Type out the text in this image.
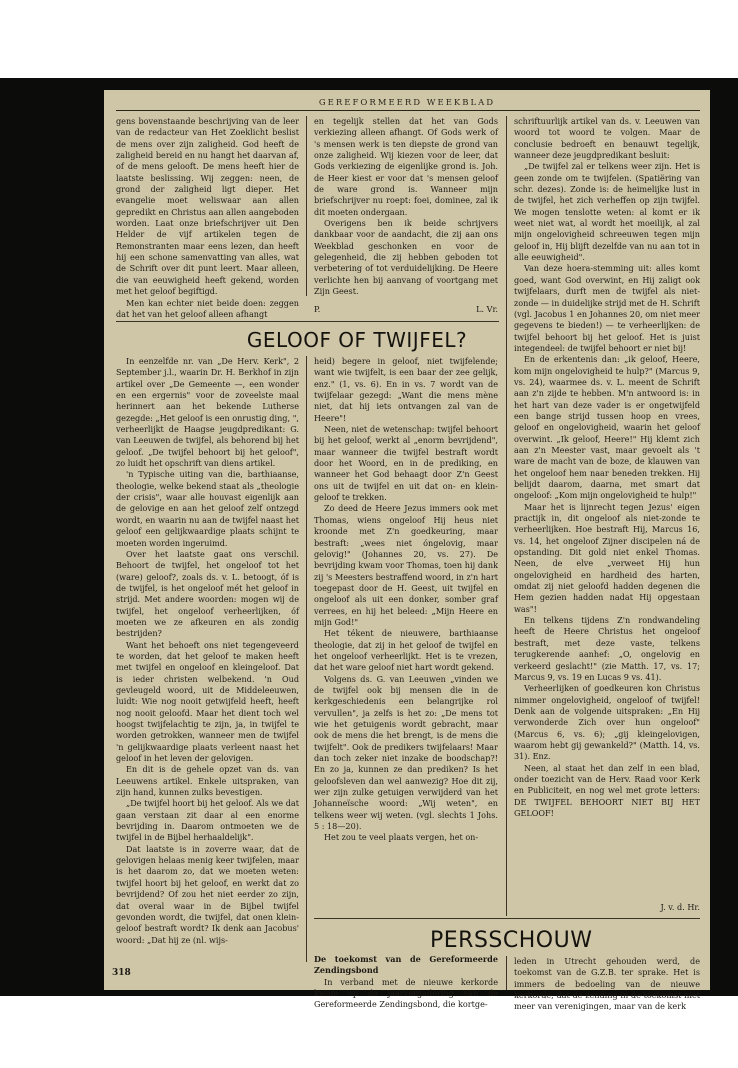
GEREFORMEERD WEEKBLAD

gens bovenstaande beschrijving van de leer van de redacteur van Het Zoeklicht beslist de mens over zijn zaligheid. God heeft de zaligheid bereid en nu hangt het daarvan af, of de mens gelooft. De mens heeft hier de laatste beslissing. Wij zeggen: neen, de grond der zaligheid ligt dieper. Het evangelie moet weliswaar aan allen gepredikt en Christus aan allen aangeboden worden. Laat onze briefschrijver uit Den Helder de vijf artikelen tegen de Remonstranten maar eens lezen, dan heeft hij een schone samenvatting van alles, wat de Schrift over dit punt leert. Maar alleen, die van eeuwigheid heeft gekend, worden met het geloof begiftigd.

Men kan echter niet beide doen: zeggen dat het van het geloof alleen afhangt

en tegelijk stellen dat het van Gods verkiezing alleen afhangt. Of Gods werk of 's mensen werk is ten diepste de grond van onze zaligheid. Wij kiezen voor de leer, dat Gods verkiezing de eigenlijke grond is. Joh. de Heer kiest er voor dat 's mensen geloof de ware grond is. Wanneer mijn briefschrijver nu roept: foei, dominee, zal ik dit moeten ondergaan.

Overigens ben ik beide schrijvers dankbaar voor de aandacht, die zij aan ons Weekblad geschonken en voor de gelegenheid, die zij hebben geboden tot verbetering of tot verduidelijking. De Heere verlichte hen bij aanvang of voortgang met Zijn Geest.

P.	L. Vr.
GELOOF OF TWIJFEL?

In eenzelfde nr. van „De Herv. Kerk", 2 September j.l., waarin Dr. H. Berkhof in zijn artikel over „De Gemeente —, een wonder en een ergernis" voor de zoveelste maal herinnert aan het bekende Lutherse gezegde: „Het geloof is een onrustig ding, ", verheerlijkt de Haagse jeugdpredikant: G. van Leeuwen de twijfel, als behorend bij het geloof. „De twijfel behoort bij het geloof", zo luidt het opschrift van diens artikel.

'n Typische uiting van die, barthiaanse, theologie, welke bekend staat als „theologie der crisis", waar alle houvast eigenlijk aan de gelovige en aan het geloof zelf ontzegd wordt, en waarin nu aan de twijfel naast het geloof een gelijkwaardige plaats schijnt te moeten worden ingeruimd.

Over het laatste gaat ons verschil. Behoort de twijfel, het ongeloof tot het (ware) geloof?, zoals ds. v. L. betoogt, óf is de twijfel, is het ongeloof mét het geloof in strijd. Met andere woorden: mogen wij de twijfel, het ongeloof verheerlijken, óf moeten we ze afkeuren en als zondig bestrijden?

Want het behoeft ons niet tegengeveerd te worden, dat het geloof te maken heeft met twijfel en ongeloof en kleingeloof. Dat is ieder christen welbekend. 'n Oud gevleugeld woord, uit de Middeleeuwen, luidt: Wie nog nooit getwijfeld heeft, heeft nog nooit geloofd. Maar het dient toch wel hoogst twijfelachtig te zijn, ja, in twijfel te worden getrokken, wanneer men de twijfel 'n gelijkwaardige plaats verleent naast het geloof in het leven der gelovigen.

En dit is de gehele opzet van ds. van Leeuwens artikel. Enkele uitspraken, van zijn hand, kunnen zulks bevestigen.

„De twijfel hoort bij het geloof. Als we dat gaan verstaan zit daar al een enorme bevrijding in. Daarom ontmoeten we de twijfel in de Bijbel herhaaldelijk".

Dat laatste is in zoverre waar, dat de gelovigen helaas menig keer twijfelen, maar is het daarom zo, dat we moeten weten: twijfel hoort bij het geloof, en werkt dat zo bevrijdend? Of zou het niet eerder zo zijn, dat overal waar in de Bijbel twijfel gevonden wordt, die twijfel, dat onen klein-geloof bestraft wordt? Ik denk aan Jacobus' woord: „Dat hij ze (nl. wijs-

heid) begere in geloof, niet twijfelende; want wie twijfelt, is een baar der zee gelijk, enz." (1, vs. 6). En in vs. 7 wordt van de twijfelaar gezegd: „Want die mens mène niet, dat hij iets ontvangen zal van de Heere"!

Neen, niet de wetenschap: twijfel behoort bij het geloof, werkt al „enorm bevrijdend", maar wanneer die twijfel bestraft wordt door het Woord, en in de prediking, en wanneer het God behaagt door Z'n Geest ons uit de twijfel en uit dat on- en klein-geloof te trekken.

Zo deed de Heere Jezus immers ook met Thomas, wiens ongeloof Hij heus niet kroonde met Z'n goedkeuring, maar bestraft: „wees niet óngelovig, maar gelovig!" (Johannes 20, vs. 27). De bevrijding kwam voor Thomas, toen hij dank zij 's Meesters bestraffend woord, in z'n hart toegepast door de H. Geest, uit twijfel en ongeloof als uit een donker, somber graf verrees, en hij het beleed: „Mijn Heere en mijn God!"

Het tékent de nieuwere, barthiaanse theologie, dat zij in het geloof de twijfel en het ongeloof verheerlijkt. Het is te vrezen, dat het ware geloof niet hart wordt gekend.

Volgens ds. G. van Leeuwen „vinden we de twijfel ook bij mensen die in de kerkgeschiedenis een belangrijke rol vervullen", ja zelfs is het zo: „De mens tot wie het getuigenis wordt gebracht, maar ook de mens die het brengt, is de mens die twijfelt". Ook de predikers twijfelaars! Maar dan toch zeker niet inzake de boodschap?! En zo ja, kunnen ze dan prediken? Is het geloofsleven dan wel aanwezig? Hoe dit zij, wer zijn zulke getuigen verwijderd van het Johanneïsche woord: „Wij weten", en telkens weer wij weten. (vgl. slechts 1 Johs. 5 : 18—20).

Het zou te veel plaats vergen, het on-

schriftuurlijk artikel van ds. v. Leeuwen van woord tot woord te volgen. Maar de conclusie bedroeft en benauwt tegelijk, wanneer deze jeugdpredikant besluit:

„De twijfel zal er telkens weer zijn. Het is geen zonde om te twijfelen. (Spatiëring van schr. dezes). Zonde is: de heimelijke lust in de twijfel, het zich verheffen op zijn twijfel. We mogen tenslotte weten: al komt er ik weet niet wat, al wordt het moeilijk, al zal mijn ongelovigheid schreeuwen tegen mijn geloof in, Hij blijft dezelfde van nu aan tot in alle eeuwigheid".

Van deze hoera-stemming uit: alles komt goed, want God overwint, en Hij zaligt ook twijfelaars, durft men de twijfel als niet-zonde — in duidelijke strijd met de H. Schrift (vgl. Jacobus 1 en Johannes 20, om niet meer gegevens te bieden!) — te verheerlijken: de twijfel behoort bij het geloof. Het is juist integendeel: de twijfel behoort er niet bij!

En de erkentenis dan: „ik geloof, Heere, kom mijn ongelovigheid te hulp?" (Marcus 9, vs. 24), waarmee ds. v. L. meent de Schrift aan z'n zijde te hebben. M'n antwoord is: in het hart van deze vader is er ongetwijfeld een bange strijd tussen hoop en vrees, geloof en ongelovigheid, waarin het geloof overwint. „Ik geloof, Heere!" Hij klemt zich aan z'n Meester vast, maar gevoelt als 't ware de macht van de boze, de klauwen van het ongeloof hem naar beneden trekken. Hij belijdt daarom, daarna, met smart dat ongeloof: „Kom mijn ongelovigheid te hulp!"

Maar het is lijnrecht tegen Jezus' eigen practijk in, dit ongeloof als niet-zonde te verheerlijken. Hoe bestraft Hij, Marcus 16, vs. 14, het ongeloof Zijner discipelen ná de opstanding. Dit gold niet enkel Thomas. Neen, de elve „verweet Hij hun ongelovigheid en hardheid des harten, omdat zij niet geloofd hadden degenen die Hem gezien hadden nadat Hij opgestaan was"!

En telkens tijdens Z'n rondwandeling heeft de Heere Christus het ongeloof bestraft, met deze vaste, telkens terugkerende aanhef: „O, ongelovig en verkeerd geslacht!" (zie Matth. 17, vs. 17; Marcus 9, vs. 19 en Lucas 9 vs. 41).

Verheerlijken of goedkeuren kon Christus nimmer ongelovigheid, ongeloof of twijfel! Denk aan de volgende uitspraken: „En Hij verwonderde Zich over hun ongeloof" (Marcus 6, vs. 6); „gij kleingelovigen, waarom hebt gij gewankeld?" (Matth. 14, vs. 31). Enz.

Neen, al staat het dan zelf in een blad, onder toezicht van de Herv. Raad voor Kerk en Publiciteit, en nog wel met grote letters: DE TWIJFEL BEHOORT NIET BIJ HET GELOOF!

J. v. d. Hr.
PERSSCHOUW

De toekomst van de Gereformeerde Zendingsbond

In verband met de nieuwe kerkorde kwam op de jaarvergadering van de Gereformeerde Zendingsbond, die kortge-

leden in Utrecht gehouden werd, de toekomst van de G.Z.B. ter sprake. Het is immers de bedoeling van de nieuwe kerkorde, dat de zending in de toekomst niet meer van verenigingen, maar van de kerk

318
